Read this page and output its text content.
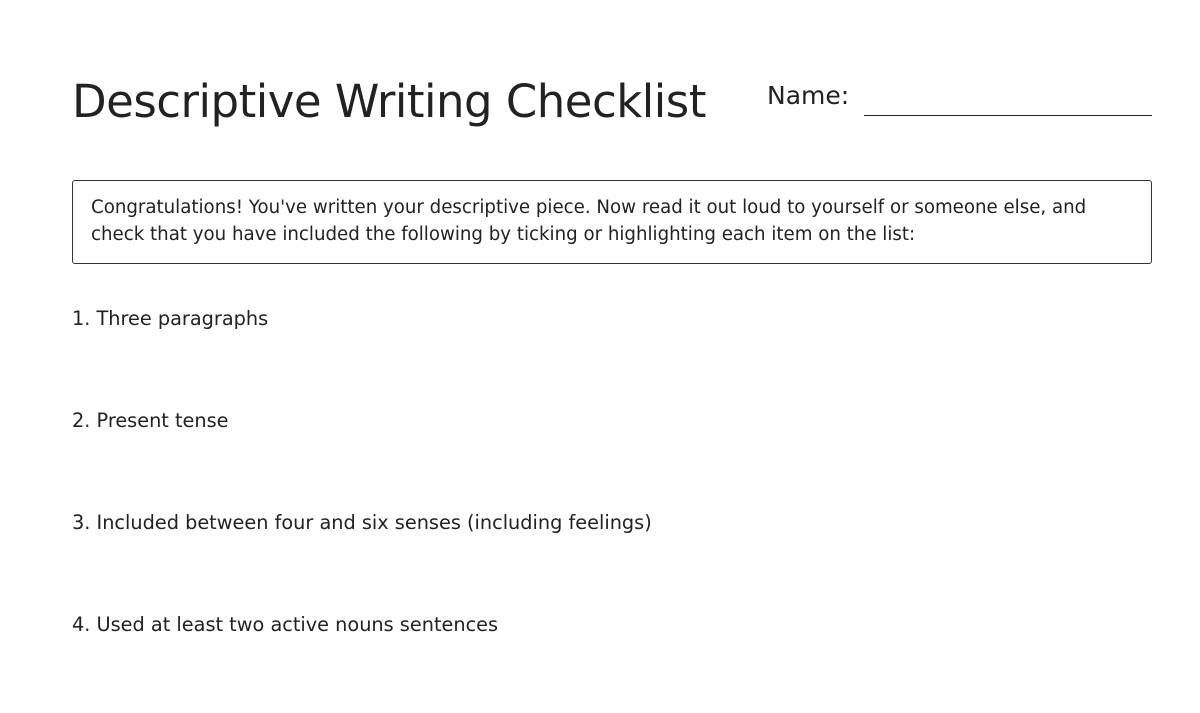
Descriptive Writing Checklist Name:

Congratulations! You've written your descriptive piece. Now read it out loud to yourself or someone else, and check that you have included the following by ticking or highlighting each item on the list:

1. Three paragraphs
2. Present tense
3. Included between four and six senses (including feelings)
4. Used at least two active nouns sentences
